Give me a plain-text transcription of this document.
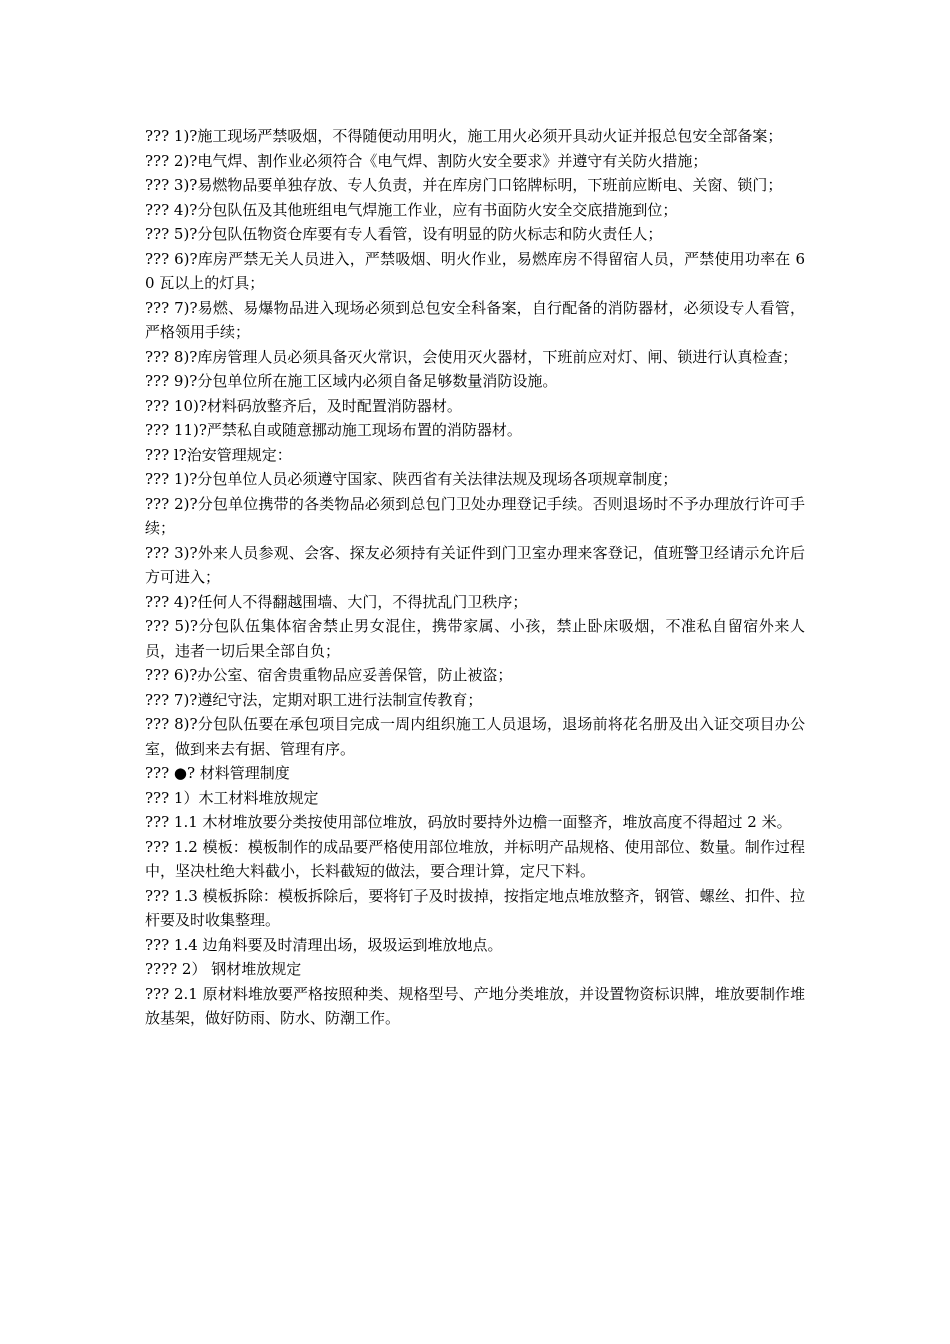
??? 1)?施工现场严禁吸烟，不得随便动用明火，施工用火必须开具动火证并报总包安全部备案；

??? 2)?电气焊、割作业必须符合《电气焊、割防火安全要求》并遵守有关防火措施；

??? 3)?易燃物品要单独存放、专人负责，并在库房门口铭牌标明，下班前应断电、关窗、锁门；

??? 4)?分包队伍及其他班组电气焊施工作业，应有书面防火安全交底措施到位；

??? 5)?分包队伍物资仓库要有专人看管，设有明显的防火标志和防火责任人；

??? 6)?库房严禁无关人员进入，严禁吸烟、明火作业，易燃库房不得留宿人员，严禁使用功率在 60 瓦以上的灯具；

??? 7)?易燃、易爆物品进入现场必须到总包安全科备案，自行配备的消防器材，必须设专人看管，严格领用手续；

??? 8)?库房管理人员必须具备灭火常识，会使用灭火器材，下班前应对灯、闸、锁进行认真检查；

??? 9)?分包单位所在施工区域内必须自备足够数量消防设施。

??? 10)?材料码放整齐后，及时配置消防器材。

??? 11)?严禁私自或随意挪动施工现场布置的消防器材。

??? l?治安管理规定：

??? 1)?分包单位人员必须遵守国家、陕西省有关法律法规及现场各项规章制度；

??? 2)?分包单位携带的各类物品必须到总包门卫处办理登记手续。否则退场时不予办理放行许可手续；

??? 3)?外来人员参观、会客、探友必须持有关证件到门卫室办理来客登记，值班警卫经请示允许后方可进入；

??? 4)?任何人不得翻越围墙、大门，不得扰乱门卫秩序；

??? 5)?分包队伍集体宿舍禁止男女混住，携带家属、小孩，禁止卧床吸烟，不准私自留宿外来人员，违者一切后果全部自负；

??? 6)?办公室、宿舍贵重物品应妥善保管，防止被盗；

??? 7)?遵纪守法，定期对职工进行法制宣传教育；

??? 8)?分包队伍要在承包项目完成一周内组织施工人员退场，退场前将花名册及出入证交项目办公室，做到来去有据、管理有序。

??? ●? 材料管理制度

??? 1）木工材料堆放规定

??? 1.1 木材堆放要分类按使用部位堆放，码放时要持外边檐一面整齐，堆放高度不得超过 2 米。

??? 1.2 模板：模板制作的成品要严格使用部位堆放，并标明产品规格、使用部位、数量。制作过程中，坚决杜绝大料截小，长料截短的做法，要合理计算，定尺下料。

??? 1.3 模板拆除：模板拆除后，要将钉子及时拔掉，按指定地点堆放整齐，钢管、螺丝、扣件、拉杆要及时收集整理。

??? 1.4 边角料要及时清理出场，圾圾运到堆放地点。

???? 2） 钢材堆放规定

??? 2.1 原材料堆放要严格按照种类、规格型号、产地分类堆放，并设置物资标识牌，堆放要制作堆放基架，做好防雨、防水、防潮工作。
